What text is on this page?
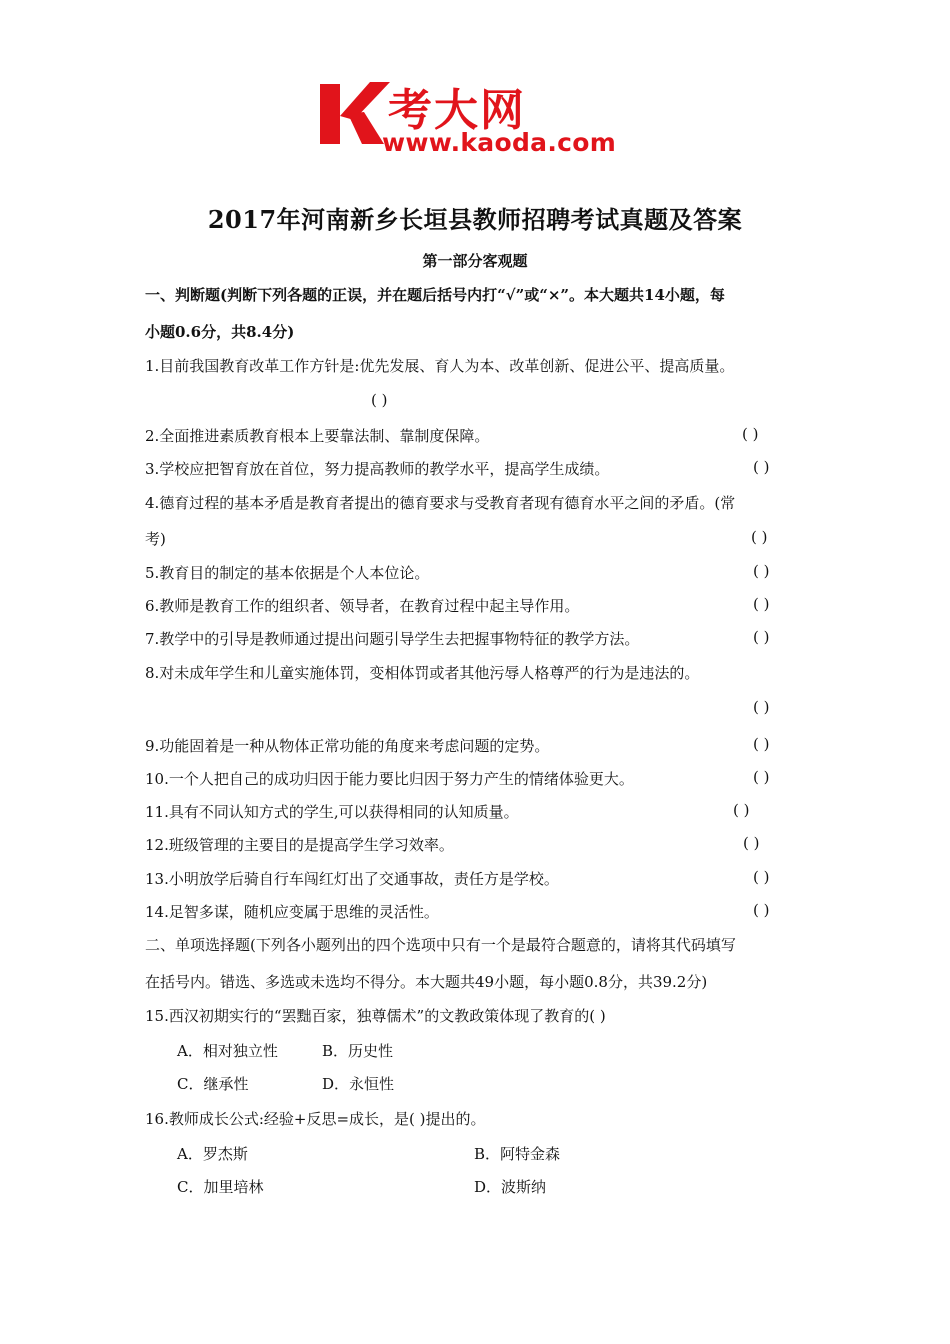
考大网
www.kaoda.com
2017年河南新乡长垣县教师招聘考试真题及答案
第一部分客观题
一、判断题(判断下列各题的正误，并在题后括号内打“√”或“×”。本大题共14小题，每
小题0.6分，共8.4分)
1.目前我国教育改革工作方针是:优先发展、育人为本、改革创新、促进公平、提高质量。
( )
2.全面推进素质教育根本上要靠法制、靠制度保障。	( )
3.学校应把智育放在首位，努力提高教师的教学水平，提高学生成绩。	( )
4.德育过程的基本矛盾是教育者提出的德育要求与受教育者现有德育水平之间的矛盾。(常
考)	( )
5.教育目的制定的基本依据是个人本位论。	( )
6.教师是教育工作的组织者、领导者，在教育过程中起主导作用。	( )
7.教学中的引导是教师通过提出问题引导学生去把握事物特征的教学方法。	( )
8.对未成年学生和儿童实施体罚，变相体罚或者其他污辱人格尊严的行为是违法的。
( )
9.功能固着是一种从物体正常功能的角度来考虑问题的定势。	( )
10.一个人把自己的成功归因于能力要比归因于努力产生的情绪体验更大。	( )
11.具有不同认知方式的学生,可以获得相同的认知质量。	( )
12.班级管理的主要目的是提高学生学习效率。	( )
13.小明放学后骑自行车闯红灯出了交通事故，责任方是学校。	( )
14.足智多谋，随机应变属于思维的灵活性。	( )
二、单项选择题(下列各小题列出的四个选项中只有一个是最符合题意的，请将其代码填写
在括号内。错选、多选或未选均不得分。本大题共49小题，每小题0.8分，共39.2分)
15.西汉初期实行的“罢黜百家，独尊儒术”的文教政策体现了教育的( )
A．相对独立性	B．历史性
C．继承性	D．永恒性
16.教师成长公式:经验+反思=成长，是( )提出的。
A．罗杰斯	B．阿特金森
C．加里培林	D．波斯纳
